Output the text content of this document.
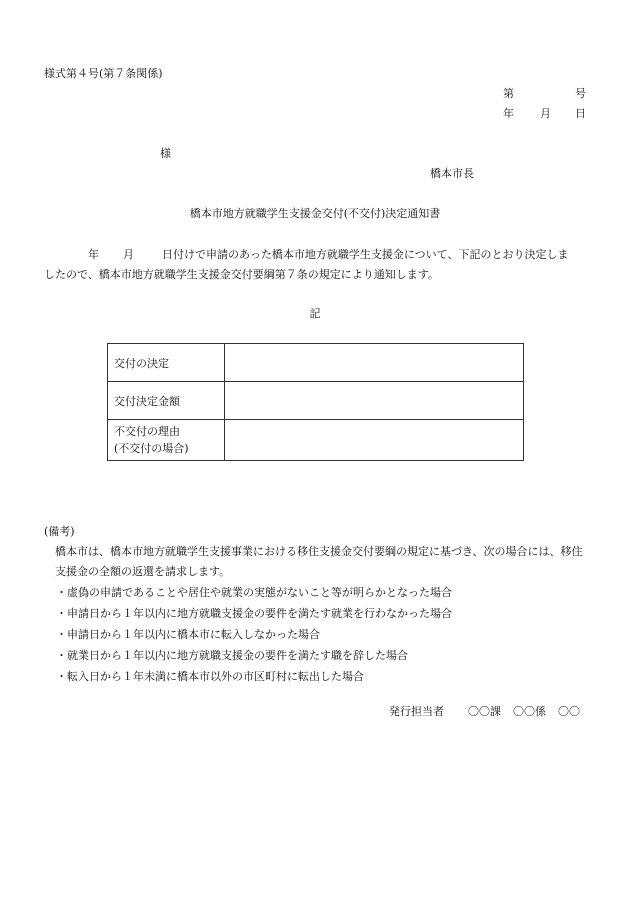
様式第４号(第７条関係)
第	号
年 月 日
様
橋本市長
橋本市地方就職学生支援金交付(不交付)決定通知書
年 月	日付けで申請のあった橋本市地方就職学生支援金について、下記のとおり決定しま
したので、橋本市地方就職学生支援金交付要綱第７条の規定により通知します。
記
交付の決定	
交付決定金額	
不交付の理由
(不交付の場合)	
(備考)
橋本市は、橋本市地方就職学生支援事業における移住支援金交付要綱の規定に基づき、次の場合には、移住
支援金の全額の返還を請求します。
・虚偽の申請であることや居住や就業の実態がないこと等が明らかとなった場合
・申請日から１年以内に地方就職支援金の要件を満たす就業を行わなかった場合
・申請日から１年以内に橋本市に転入しなかった場合
・就業日から１年以内に地方就職支援金の要件を満たす職を辞した場合
・転入日から１年未満に橋本市以外の市区町村に転出した場合
発行担当者 〇〇課 〇〇係 〇〇
